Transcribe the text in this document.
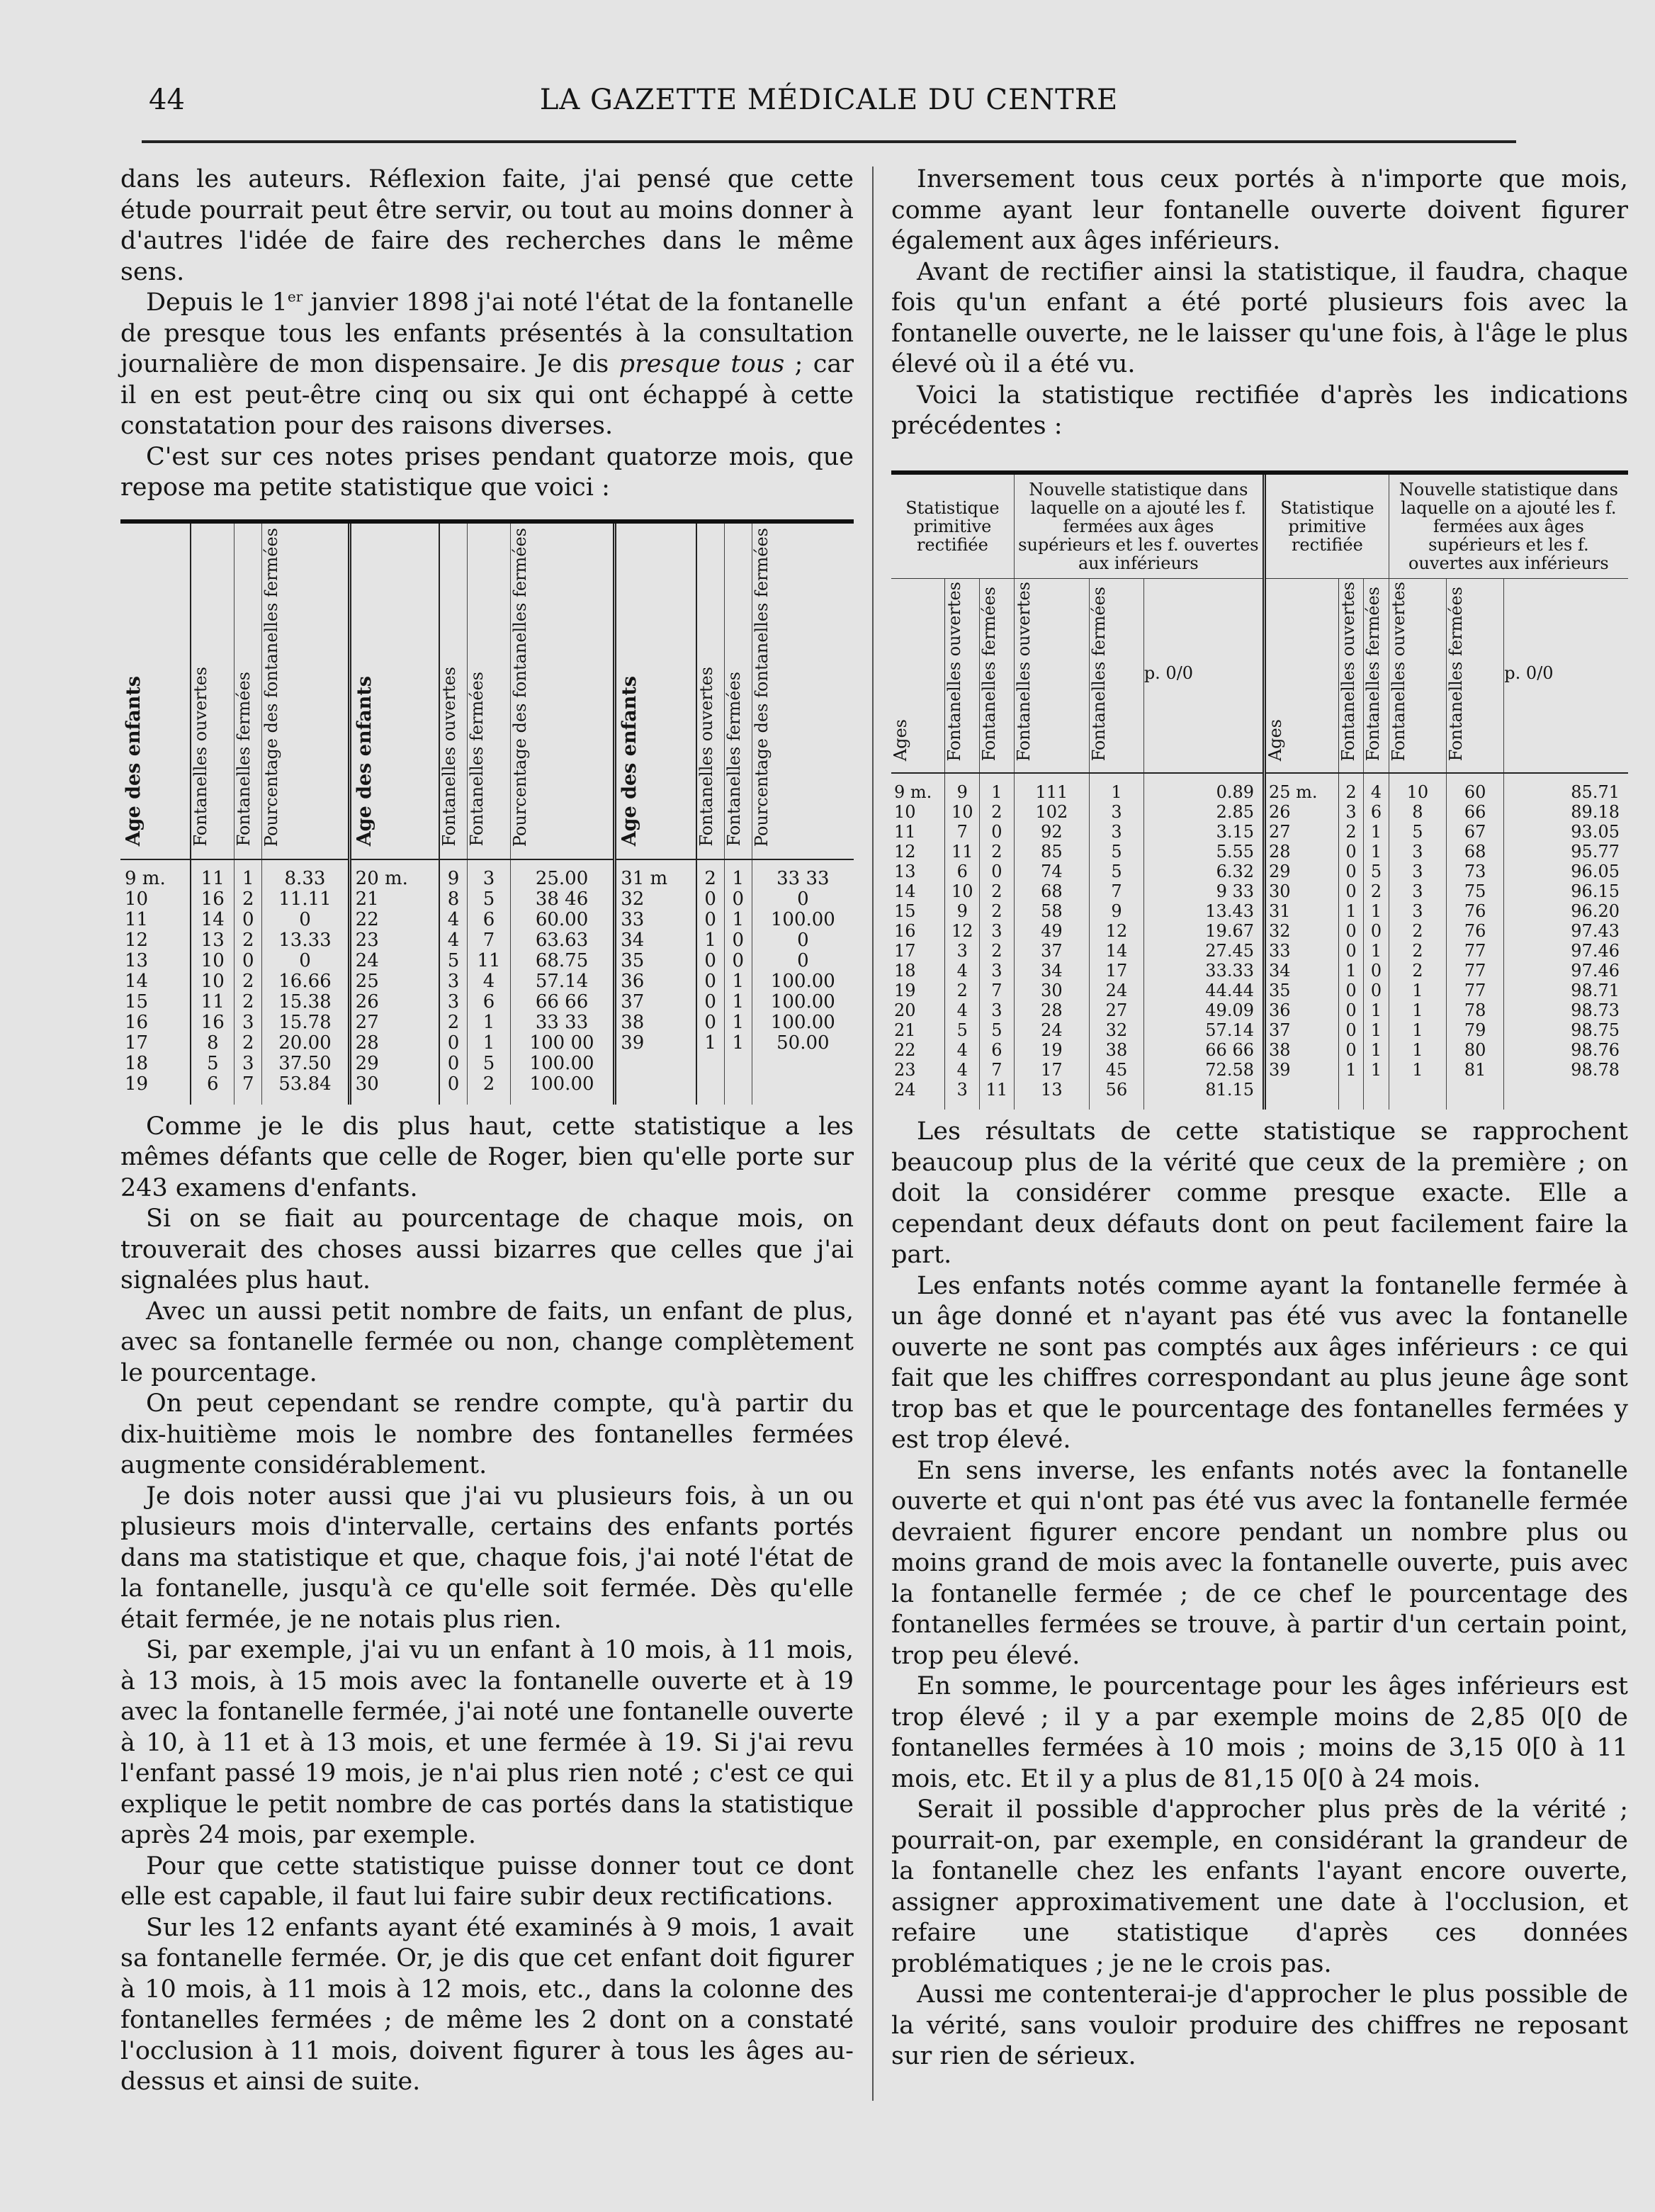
44	LA GAZETTE MÉDICALE DU CENTRE

dans les auteurs. Réflexion faite, j'ai pensé que cette étude pourrait peut être servir, ou tout au moins donner à d'autres l'idée de faire des recherches dans le même sens.

Depuis le 1er janvier 1898 j'ai noté l'état de la fontanelle de presque tous les enfants présentés à la consultation journalière de mon dispensaire. Je dis presque tous ; car il en est peut-être cinq ou six qui ont échappé à cette constatation pour des raisons diverses.

C'est sur ces notes prises pendant quatorze mois, que repose ma petite statistique que voici :

Age des enfants	Fontanelles ouvertes	Fontanelles fermées	Pourcentage des fontanelles fermées	Age des enfants	Fontanelles ouvertes	Fontanelles fermées	Pourcentage des fontanelles fermées	Age des enfants	Fontanelles ouvertes	Fontanelles fermées	Pourcentage des fontanelles fermées
9 m.	11	1	8.33	20 m.	9	3	25.00	31 m	2	1	33 33
10	16	2	11.11	21	8	5	38 46	32	0	0	0
11	14	0	0	22	4	6	60.00	33	0	1	100.00
12	13	2	13.33	23	4	7	63.63	34	1	0	0
13	10	0	0	24	5	11	68.75	35	0	0	0
14	10	2	16.66	25	3	4	57.14	36	0	1	100.00
15	11	2	15.38	26	3	6	66 66	37	0	1	100.00
16	16	3	15.78	27	2	1	33 33	38	0	1	100.00
17	8	2	20.00	28	0	1	100 00	39	1	1	50.00
18	5	3	37.50	29	0	5	100.00				
19	6	7	53.84	30	0	2	100.00				

Comme je le dis plus haut, cette statistique a les mêmes défants que celle de Roger, bien qu'elle porte sur 243 examens d'enfants.

Si on se fiait au pourcentage de chaque mois, on trouverait des choses aussi bizarres que celles que j'ai signalées plus haut.

Avec un aussi petit nombre de faits, un enfant de plus, avec sa fontanelle fermée ou non, change complètement le pourcentage.

On peut cependant se rendre compte, qu'à partir du dix-huitième mois le nombre des fontanelles fermées augmente considérablement.

Je dois noter aussi que j'ai vu plusieurs fois, à un ou plusieurs mois d'intervalle, certains des enfants portés dans ma statistique et que, chaque fois, j'ai noté l'état de la fontanelle, jusqu'à ce qu'elle soit fermée. Dès qu'elle était fermée, je ne notais plus rien.

Si, par exemple, j'ai vu un enfant à 10 mois, à 11 mois, à 13 mois, à 15 mois avec la fontanelle ouverte et à 19 avec la fontanelle fermée, j'ai noté une fontanelle ouverte à 10, à 11 et à 13 mois, et une fermée à 19. Si j'ai revu l'enfant passé 19 mois, je n'ai plus rien noté ; c'est ce qui explique le petit nombre de cas portés dans la statistique après 24 mois, par exemple.

Pour que cette statistique puisse donner tout ce dont elle est capable, il faut lui faire subir deux rectifications.

Sur les 12 enfants ayant été examinés à 9 mois, 1 avait sa fontanelle fermée. Or, je dis que cet enfant doit figurer à 10 mois, à 11 mois à 12 mois, etc., dans la colonne des fontanelles fermées ; de même les 2 dont on a constaté l'occlusion à 11 mois, doivent figurer à tous les âges au-dessus et ainsi de suite.

Inversement tous ceux portés à n'importe que mois, comme ayant leur fontanelle ouverte doivent figurer également aux âges inférieurs.

Avant de rectifier ainsi la statistique, il faudra, chaque fois qu'un enfant a été porté plusieurs fois avec la fontanelle ouverte, ne le laisser qu'une fois, à l'âge le plus élevé où il a été vu.

Voici la statistique rectifiée d'après les indications précédentes :

Statistique primitive rectifiée			Nouvelle statistique dans laquelle on a ajouté les f. fermées aux âges supérieurs et les f. ouvertes aux inférieurs			Statistique primitive rectifiée			Nouvelle statistique dans laquelle on a ajouté les f. fermées aux âges supérieurs et les f. ouvertes aux inférieurs		
Ages	Fontanelles ouvertes	Fontanelles fermées	Fontanelles ouvertes	Fontanelles fermées	p. 0/0	Ages	Fontanelles ouvertes	Fontanelles fermées	Fontanelles ouvertes	Fontanelles fermées	p. 0/0
9 m.	9	1	111	1	0.89	25 m.	2	4	10	60	85.71
10	10	2	102	3	2.85	26	3	6	8	66	89.18
11	7	0	92	3	3.15	27	2	1	5	67	93.05
12	11	2	85	5	5.55	28	0	1	3	68	95.77
13	6	0	74	5	6.32	29	0	5	3	73	96.05
14	10	2	68	7	9 33	30	0	2	3	75	96.15
15	9	2	58	9	13.43	31	1	1	3	76	96.20
16	12	3	49	12	19.67	32	0	0	2	76	97.43
17	3	2	37	14	27.45	33	0	1	2	77	97.46
18	4	3	34	17	33.33	34	1	0	2	77	97.46
19	2	7	30	24	44.44	35	0	0	1	77	98.71
20	4	3	28	27	49.09	36	0	1	1	78	98.73
21	5	5	24	32	57.14	37	0	1	1	79	98.75
22	4	6	19	38	66 66	38	0	1	1	80	98.76
23	4	7	17	45	72.58	39	1	1	1	81	98.78
24	3	11	13	56	81.15						

Les résultats de cette statistique se rapprochent beaucoup plus de la vérité que ceux de la première ; on doit la considérer comme presque exacte. Elle a cependant deux défauts dont on peut facilement faire la part.

Les enfants notés comme ayant la fontanelle fermée à un âge donné et n'ayant pas été vus avec la fontanelle ouverte ne sont pas comptés aux âges inférieurs : ce qui fait que les chiffres correspondant au plus jeune âge sont trop bas et que le pourcentage des fontanelles fermées y est trop élevé.

En sens inverse, les enfants notés avec la fontanelle ouverte et qui n'ont pas été vus avec la fontanelle fermée devraient figurer encore pendant un nombre plus ou moins grand de mois avec la fontanelle ouverte, puis avec la fontanelle fermée ; de ce chef le pourcentage des fontanelles fermées se trouve, à partir d'un certain point, trop peu élevé.

En somme, le pourcentage pour les âges inférieurs est trop élevé ; il y a par exemple moins de 2,85 0[0 de fontanelles fermées à 10 mois ; moins de 3,15 0[0 à 11 mois, etc. Et il y a plus de 81,15 0[0 à 24 mois.

Serait il possible d'approcher plus près de la vérité ; pourrait-on, par exemple, en considérant la grandeur de la fontanelle chez les enfants l'ayant encore ouverte, assigner approximativement une date à l'occlusion, et refaire une statistique d'après ces données problématiques ; je ne le crois pas.

Aussi me contenterai-je d'approcher le plus possible de la vérité, sans vouloir produire des chiffres ne reposant sur rien de sérieux.
